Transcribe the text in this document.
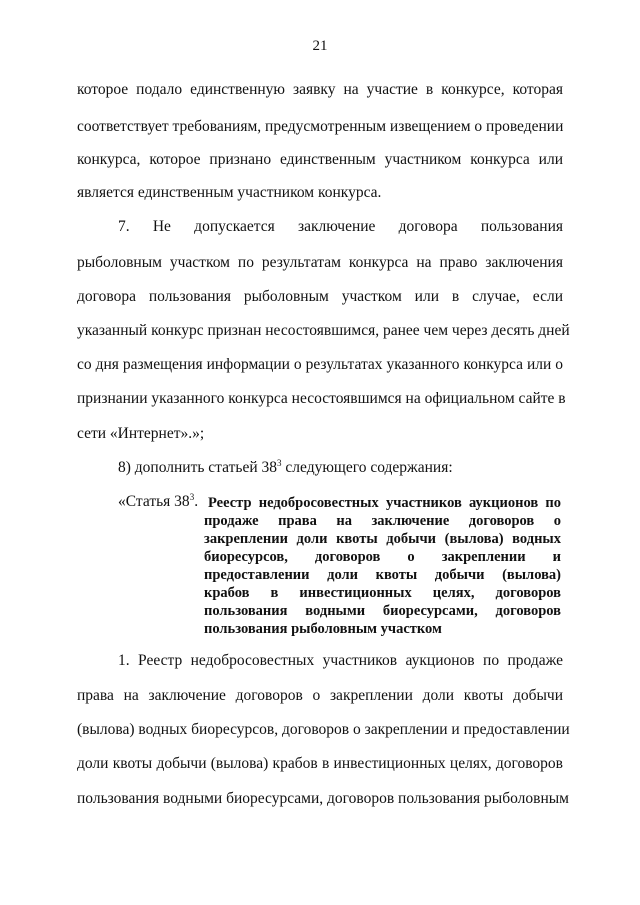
21
которое подало единственную заявку на участие в конкурсе, которая
соответствует требованиям, предусмотренным извещением о проведении
конкурса, которое признано единственным участником конкурса или
является единственным участником конкурса.
7. Не допускается заключение договора пользования
рыболовным участком по результатам конкурса на право заключения
договора пользования рыболовным участком или в случае, если
указанный конкурс признан несостоявшимся, ранее чем через десять дней
со дня размещения информации о результатах указанного конкурса или о
признании указанного конкурса несостоявшимся на официальном сайте в
сети «Интернет».»;
8) дополнить статьей $38^3$ следующего содержания:
«Статья $38^3$. Реестр недобросовестных участников аукционов по
продаже права на заключение договоров о
закреплении доли квоты добычи (вылова) водных
биоресурсов, договоров о закреплении и
предоставлении доли квоты добычи (вылова)
крабов в инвестиционных целях, договоров
пользования водными биоресурсами, договоров
пользования рыболовным участком
1. Реестр недобросовестных участников аукционов по продаже
права на заключение договоров о закреплении доли квоты добычи
(вылова) водных биоресурсов, договоров о закреплении и предоставлении
доли квоты добычи (вылова) крабов в инвестиционных целях, договоров
пользования водными биоресурсами, договоров пользования рыболовным
